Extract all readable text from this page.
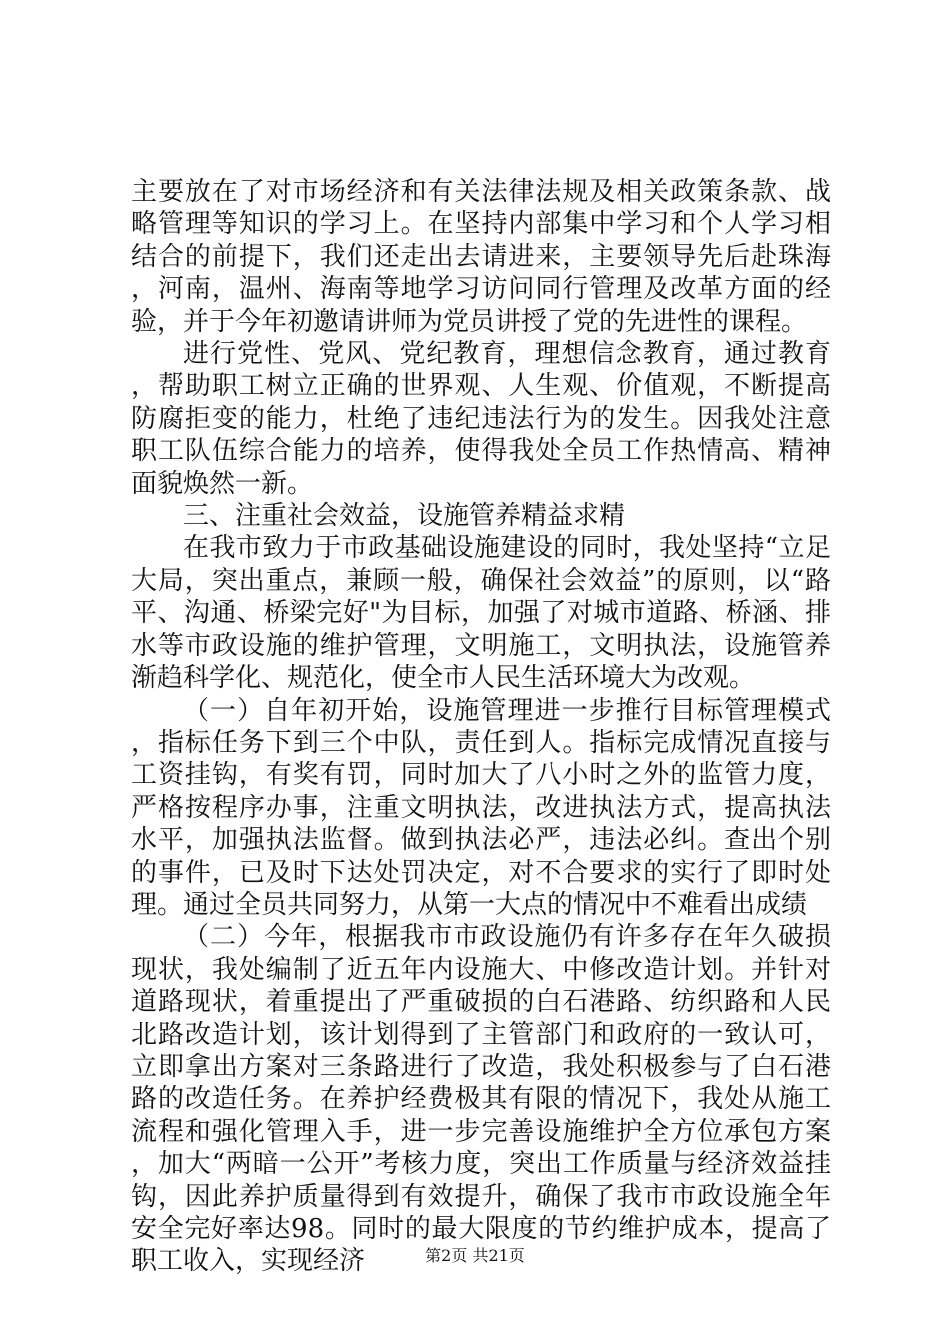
主要放在了对市场经济和有关法律法规及相关政策条款、战略管理等知识的学习上。在坚持内部集中学习和个人学习相结合的前提下，我们还走出去请进来，主要领导先后赴珠海，河南，温州、海南等地学习访问同行管理及改革方面的经验，并于今年初邀请讲师为党员讲授了党的先进性的课程。

进行党性、党风、党纪教育，理想信念教育，通过教育，帮助职工树立正确的世界观、人生观、价值观，不断提高防腐拒变的能力，杜绝了违纪违法行为的发生。因我处注意职工队伍综合能力的培养，使得我处全员工作热情高、精神面貌焕然一新。

三、注重社会效益，设施管养精益求精

在我市致力于市政基础设施建设的同时，我处坚持“立足大局，突出重点，兼顾一般，确保社会效益”的原则，以“路平、沟通、桥梁完好"为目标，加强了对城市道路、桥涵、排水等市政设施的维护管理，文明施工，文明执法，设施管养渐趋科学化、规范化，使全市人民生活环境大为改观。

（一）自年初开始，设施管理进一步推行目标管理模式，指标任务下到三个中队，责任到人。指标完成情况直接与工资挂钩，有奖有罚，同时加大了八小时之外的监管力度，严格按程序办事，注重文明执法，改进执法方式，提高执法水平，加强执法监督。做到执法必严，违法必纠。查出个别的事件，已及时下达处罚决定，对不合要求的实行了即时处理。通过全员共同努力，从第一大点的情况中不难看出成绩

（二）今年，根据我市市政设施仍有许多存在年久破损现状，我处编制了近五年内设施大、中修改造计划。并针对道路现状，着重提出了严重破损的白石港路、纺织路和人民北路改造计划，该计划得到了主管部门和政府的一致认可，立即拿出方案对三条路进行了改造，我处积极参与了白石港路的改造任务。在养护经费极其有限的情况下，我处从施工流程和强化管理入手，进一步完善设施维护全方位承包方案，加大“两暗一公开”考核力度，突出工作质量与经济效益挂钩，因此养护质量得到有效提升，确保了我市市政设施全年安全完好率达98。同时的最大限度的节约维护成本，提高了职工收入，实现经济	第2页 共21页
